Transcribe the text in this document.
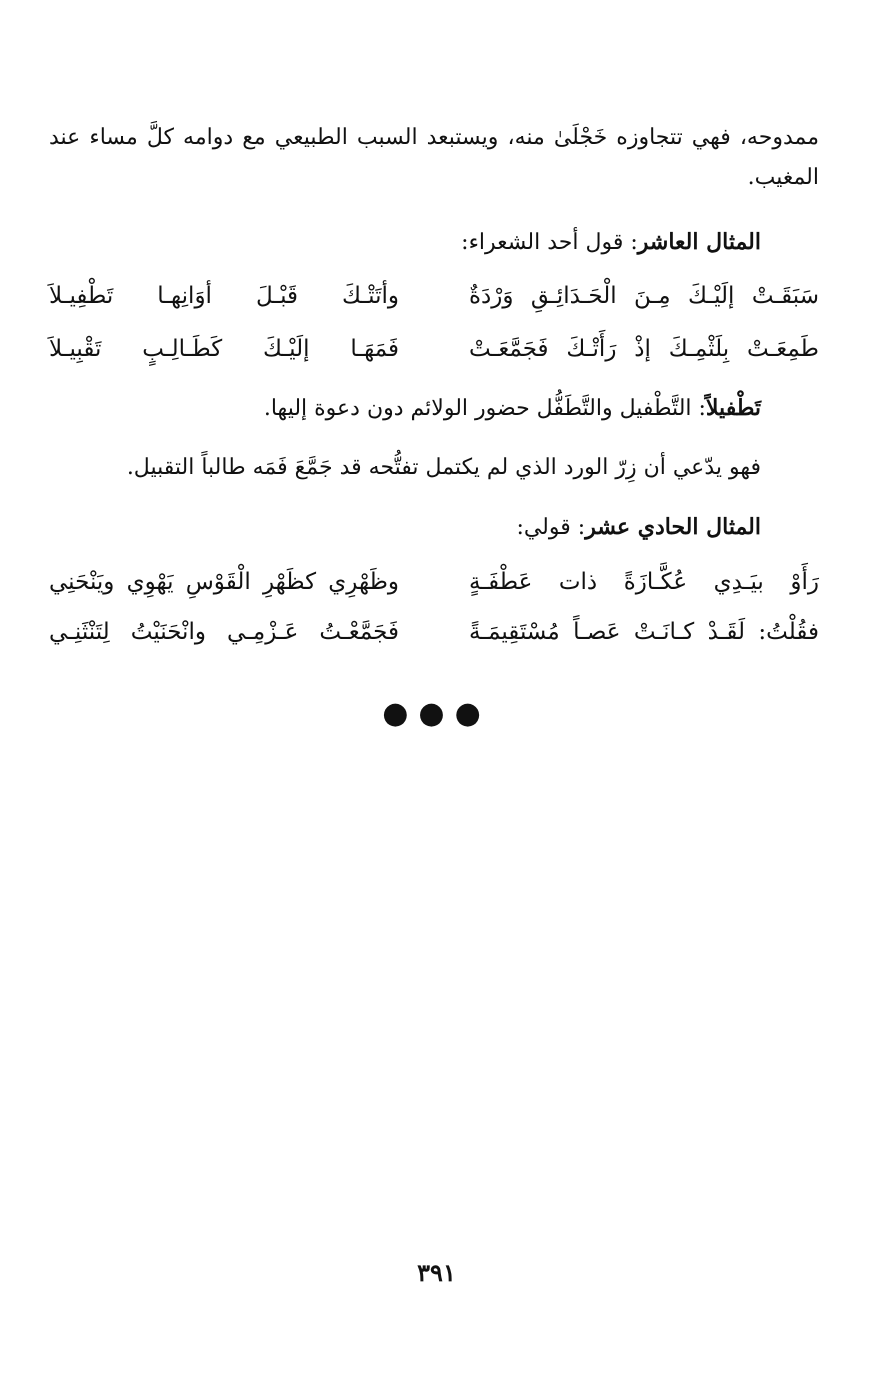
ممدوحه، فهي تتجاوزه خَجْلَىٰ منه، ويستبعد السبب الطبيعي مع دوامه كلَّ مساء عند المغيب.
المثال العاشر: قول أحد الشعراء:
سَبَقَـتْ إلَيْـكَ مِـنَ الْحَـدَائِـقِ وَرْدَةٌ
وأتَتْـكَ قَبْـلَ أوَانِهـا تَطْفِيـلاَ
طَمِعَـتْ بِلَثْمِـكَ إذْ رَأَتْـكَ فَجَمَّعَـتْ
فَمَهَـا إلَيْـكَ كَطَـالِـبٍ تَقْبِيـلاَ
تَطْفيلاً: التَّطْفيل والتَّطَفُّل حضور الولائم دون دعوة إليها.
فهو يدّعي أن زِرّ الورد الذي لم يكتمل تفتُّحه قد جَمَّعَ فَمَه طالباً التقبيل.
المثال الحادي عشر: قولي:
رَأَوْ بيَـدِي عُكَّـازَةً ذات عَطْفَـةٍ
وظَهْرِي كظَهْرِ الْقَوْسِ يَهْوِي ويَنْحَنِي
فقُلْتُ: لَقَـدْ كـانَـتْ عَصـاً مُسْتَقِيمَـةً
فَجَمَّعْـتُ عَـزْمِـي وانْحَنَيْتُ لِتَنْثَنِـي
●●●
٣٩١
